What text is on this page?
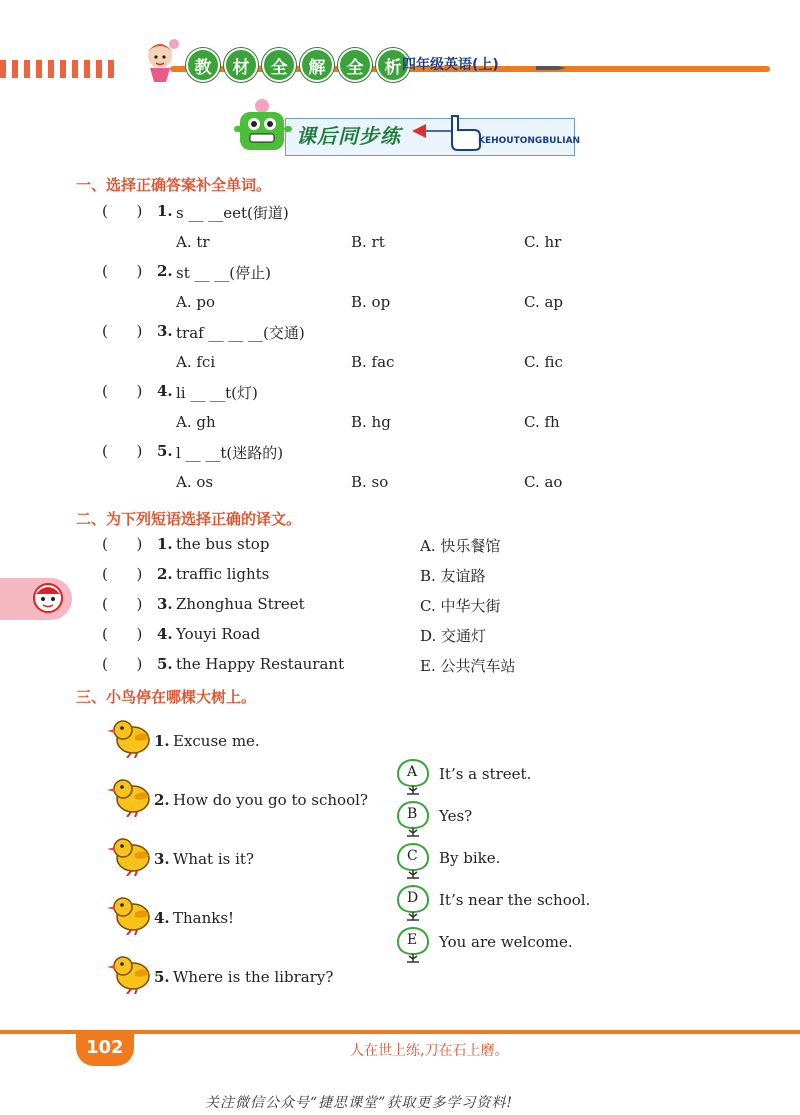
教	材	全	解	全	析 四年级英语(上)
课后同步练	KEHOUTONGBULIAN
一、选择正确答案补全单词。
(      ) 1. s __ __eet(街道)
A. tr	B. rt	C. hr
(      ) 2. st __ __(停止)
A. po	B. op	C. ap
(      ) 3. traf __ __ __(交通)
A. fci	B. fac	C. fic
(      ) 4. li __ __t(灯)
A. gh	B. hg	C. fh
(      ) 5. l __ __t(迷路的)
A. os	B. so	C. ao
二、为下列短语选择正确的译文。
(      ) 1. the bus stop	A. 快乐餐馆
(      ) 2. traffic lights	B. 友谊路
(      ) 3. Zhonghua Street	C. 中华大街
(      ) 4. Youyi Road	D. 交通灯
(      ) 5. the Happy Restaurant	E. 公共汽车站
三、小鸟停在哪棵大树上。
1. Excuse me.
2. How do you go to school?
3. What is it?
4. Thanks!
5. Where is the library?
A It’s a street.
B Yes?
C By bike.
D It’s near the school.
E You are welcome.
102	人在世上练,刀在石上磨。
关注微信公众号“捷思课堂”获取更多学习资料!
